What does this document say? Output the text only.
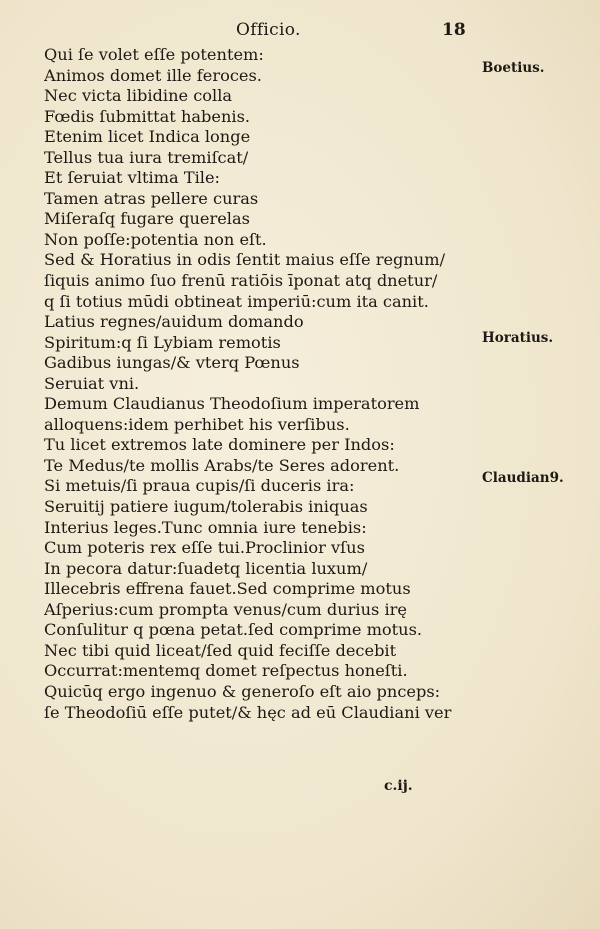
Officio.	18
Qui ſe volet eſſe potentem:
Animos domet ille feroces.
Nec victa libidine colla
Fœdis ſubmittat habenis.
Etenim licet Indica longe
Tellus tua iura tremiſcat/
Et ſeruiat vltima Tile:
Tamen atras pellere curas
Miſeraſq fugare querelas
Non poſſe:potentia non eſt.
Sed & Horatius in odis ſentit maius eſſe regnum/
ſiquis animo ſuo frenū ratiōis īponat atq dnetur/
q ſi totius mūdi obtineat imperiū:cum ita canit.
Latius regnes/auidum domando
Spiritum:q ſi Lybiam remotis
Gadibus iungas/& vterq Pœnus
Seruiat vni.
Demum Claudianus Theodoſium imperatorem
alloquens:idem perhibet his verſibus.
Tu licet extremos late dominere per Indos:
Te Medus/te mollis Arabs/te Seres adorent.
Si metuis/ſi praua cupis/ſi duceris ira:
Seruitij patiere iugum/tolerabis iniquas
Interius leges.Tunc omnia iure tenebis:
Cum poteris rex eſſe tui.Proclinior vſus
In pecora datur:ſuadetq licentia luxum/
Illecebris effrena fauet.Sed comprime motus
Aſperius:cum prompta venus/cum durius irę
Conſulitur q pœna petat.ſed comprime motus.
Nec tibi quid liceat/ſed quid feciſſe decebit
Occurrat:mentemq domet reſpectus honeſti.
Quicūq ergo ingenuo & generoſo eſt aio pnceps:
ſe Theodoſiū eſſe putet/& hęc ad eū Claudiani ver
Boetius.
Horatius.
Claudian9.
c.ij.
